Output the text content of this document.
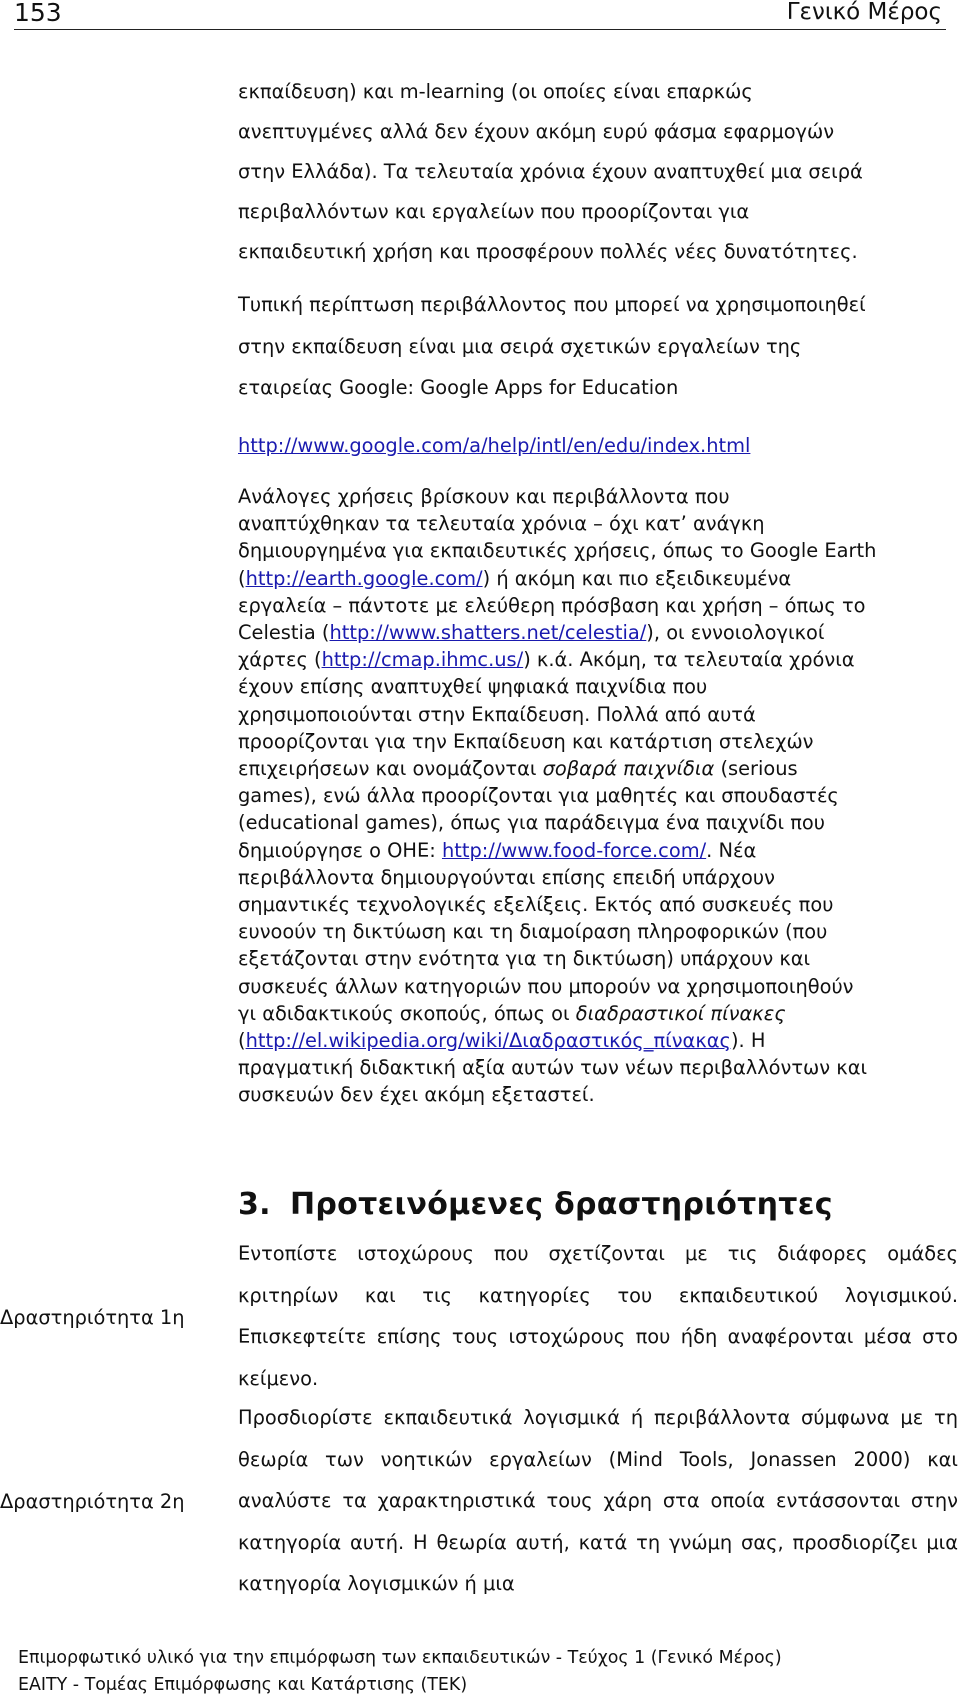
153	Γενικό Μέρος

εκπαίδευση) και m-learning (οι οποίες είναι επαρκώς

ανεπτυγμένες αλλά δεν έχουν ακόμη ευρύ φάσμα εφαρμογών

στην Ελλάδα). Τα τελευταία χρόνια έχουν αναπτυχθεί μια σειρά

περιβαλλόντων και εργαλείων που προορίζονται για

εκπαιδευτική χρήση και προσφέρουν πολλές νέες δυνατότητες.

Τυπική περίπτωση περιβάλλοντος που μπορεί να χρησιμοποιηθεί

στην εκπαίδευση είναι μια σειρά σχετικών εργαλείων της

εταιρείας Google: Google Apps for Education

http://www.google.com/a/help/intl/en/edu/index.html

Ανάλογες χρήσεις βρίσκουν και περιβάλλοντα που

αναπτύχθηκαν τα τελευταία χρόνια – όχι κατ’ ανάγκη

δημιουργημένα για εκπαιδευτικές χρήσεις, όπως το Google Earth

(http://earth.google.com/) ή ακόμη και πιο εξειδικευμένα

εργαλεία – πάντοτε με ελεύθερη πρόσβαση και χρήση – όπως το

Celestia (http://www.shatters.net/celestia/), οι εννοιολογικοί

χάρτες (http://cmap.ihmc.us/) κ.ά. Ακόμη, τα τελευταία χρόνια

έχουν επίσης αναπτυχθεί ψηφιακά παιχνίδια που

χρησιμοποιούνται στην Εκπαίδευση. Πολλά από αυτά

προορίζονται για την Εκπαίδευση και κατάρτιση στελεχών

επιχειρήσεων και ονομάζονται σοβαρά παιχνίδια (serious

games), ενώ άλλα προορίζονται για μαθητές και σπουδαστές

(educational games), όπως για παράδειγμα ένα παιχνίδι που

δημιούργησε ο ΟΗΕ: http://www.food-force.com/. Νέα

περιβάλλοντα δημιουργούνται επίσης επειδή υπάρχουν

σημαντικές τεχνολογικές εξελίξεις. Εκτός από συσκευές που

ευνοούν τη δικτύωση και τη διαμοίραση πληροφορικών (που

εξετάζονται στην ενότητα για τη δικτύωση) υπάρχουν και

συσκευές άλλων κατηγοριών που μπορούν να χρησιμοποιηθούν

γι αδιδακτικούς σκοπούς, όπως οι διαδραστικοί πίνακες

(http://el.wikipedia.org/wiki/Διαδραστικός_πίνακας). Η

πραγματική διδακτική αξία αυτών των νέων περιβαλλόντων και

συσκευών δεν έχει ακόμη εξεταστεί.

3. Προτεινόμενες δραστηριότητες
Δραστηριότητα 1η
Εντοπίστε ιστοχώρους που σχετίζονται με τις διάφορες ομάδες κριτηρίων και τις κατηγορίες του εκπαιδευτικού λογισμικού. Επισκεφτείτε επίσης τους ιστοχώρους που ήδη αναφέρονται μέσα στο κείμενο.
Δραστηριότητα 2η
Προσδιορίστε εκπαιδευτικά λογισμικά ή περιβάλλοντα σύμφωνα με τη θεωρία των νοητικών εργαλείων (Mind Tools, Jonassen 2000) και αναλύστε τα χαρακτηριστικά τους χάρη στα οποία εντάσσονται στην κατηγορία αυτή. Η θεωρία αυτή, κατά τη γνώμη σας, προσδιορίζει μια κατηγορία λογισμικών ή μια
Επιμορφωτικό υλικό για την επιμόρφωση των εκπαιδευτικών - Τεύχος 1 (Γενικό Μέρος)
ΕΑΙΤΥ - Τομέας Επιμόρφωσης και Κατάρτισης (ΤΕΚ)
